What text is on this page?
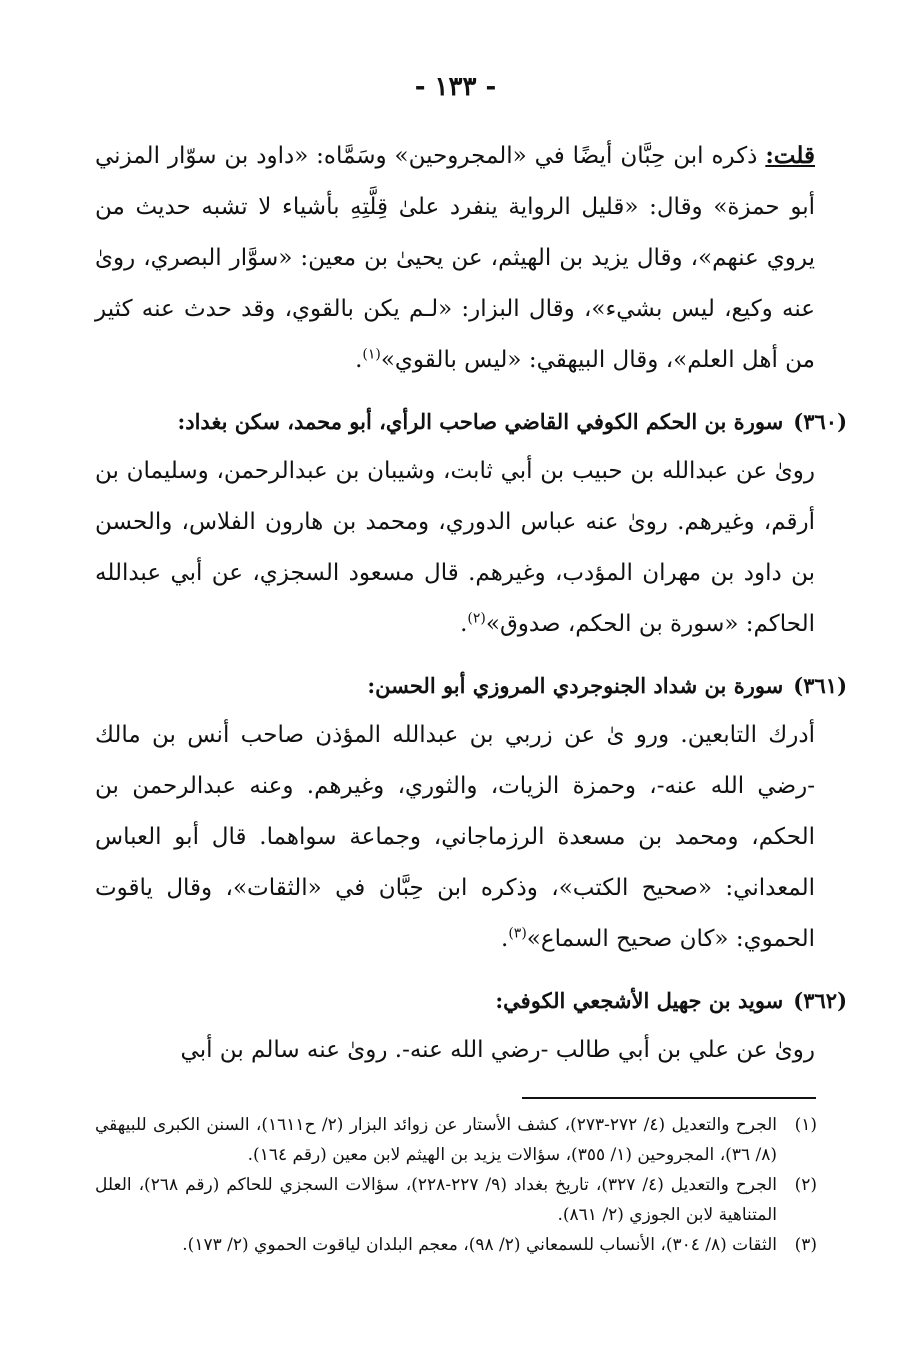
- ١٣٣ -

قلت: ذكره ابن حِبَّان أيضًا في «المجروحين» وسَمَّاه: «داود بن سوّار المزني أبو حمزة» وقال: «قليل الرواية ينفرد علىٰ قِلَّتِهِ بأشياء لا تشبه حديث من يروي عنهم»، وقال يزيد بن الهيثم، عن يحيىٰ بن معين: «سوَّار البصري، روىٰ عنه وكيع، ليس بشيء»، وقال البزار: «لـم يكن بالقوي، وقد حدث عنه كثير من أهل العلم»، وقال البيهقي: «ليس بالقوي»$^{(١)}$.

(٣٦٠)سورة بن الحكم الكوفي القاضي صاحب الرأي، أبو محمد، سكن بغداد:

روىٰ عن عبدالله بن حبيب بن أبي ثابت، وشيبان بن عبدالرحمن، وسليمان بن أرقم، وغيرهم. روىٰ عنه عباس الدوري، ومحمد بن هارون الفلاس، والحسن بن داود بن مهران المؤدب، وغيرهم. قال مسعود السجزي، عن أبي عبدالله الحاكم: «سورة بن الحكم، صدوق»$^{(٢)}$.

(٣٦١)سورة بن شداد الجنوجردي المروزي أبو الحسن:

أدرك التابعين. ورو ىٰ عن زربي بن عبدالله المؤذن صاحب أنس بن مالك -رضي الله عنه-، وحمزة الزيات، والثوري، وغيرهم. وعنه عبدالرحمن بن الحكم، ومحمد بن مسعدة الرزماجاني، وجماعة سواهما. قال أبو العباس المعداني: «صحيح الكتب»، وذكره ابن حِبَّان في «الثقات»، وقال ياقوت الحموي: «كان صحيح السماع»$^{(٣)}$.

(٣٦٢)سويد بن جهيل الأشجعي الكوفي:

روىٰ عن علي بن أبي طالب -رضي الله عنه-. روىٰ عنه سالم بن أبي

(١)
الجرح والتعديل (٤/ ٢٧٢-٢٧٣)، كشف الأستار عن زوائد البزار (٢/ ح١٦١١)، السنن الكبرى للبيهقي (٨/ ٣٦)، المجروحين (١/ ٣٥٥)، سؤالات يزيد بن الهيثم لابن معين (رقم ١٦٤).

(٢)
الجرح والتعديل (٤/ ٣٢٧)، تاريخ بغداد (٩/ ٢٢٧-٢٢٨)، سؤالات السجزي للحاكم (رقم ٢٦٨)، العلل المتناهية لابن الجوزي (٢/ ٨٦١).

(٣)
الثقات (٨/ ٣٠٤)، الأنساب للسمعاني (٢/ ٩٨)، معجم البلدان لياقوت الحموي (٢/ ١٧٣).
